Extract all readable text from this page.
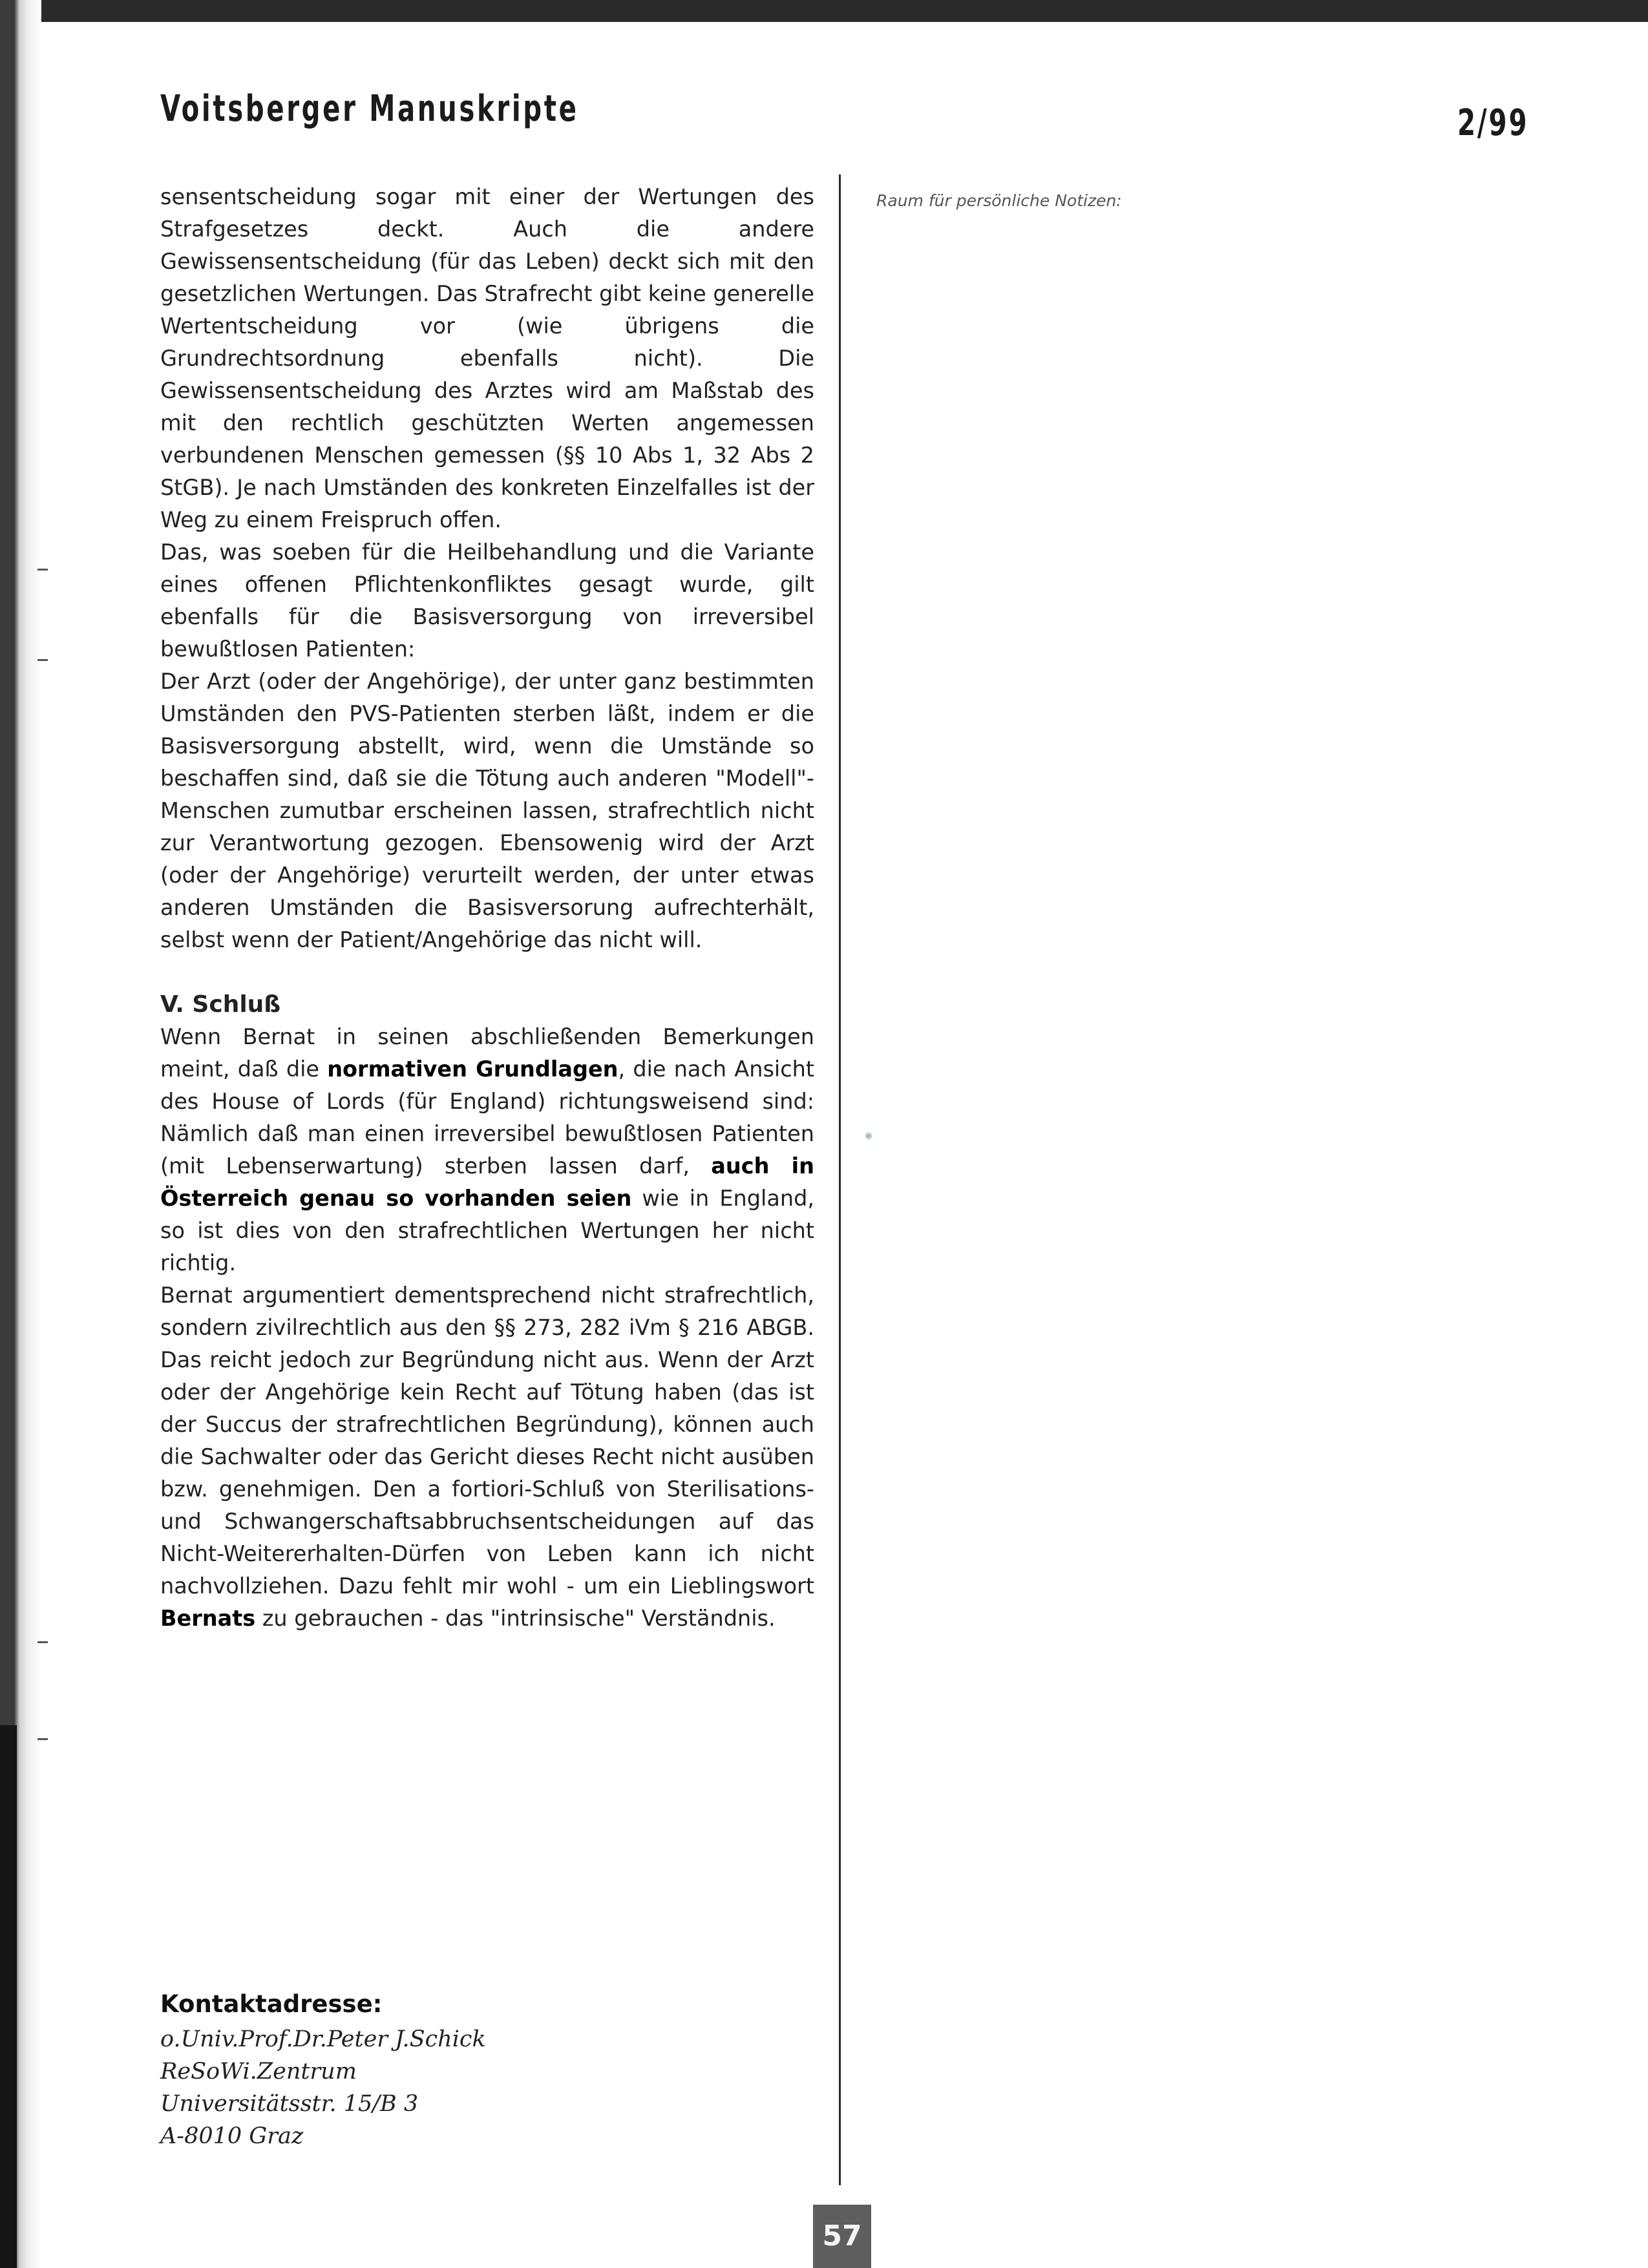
Voitsberger Manuskripte	2/99

sensentscheidung sogar mit einer der Wertungen des Strafgesetzes deckt. Auch die andere Gewissensentscheidung (für das Leben) deckt sich mit den gesetzlichen Wertungen. Das Strafrecht gibt keine generelle Wertentscheidung vor (wie übrigens die Grundrechtsordnung ebenfalls nicht). Die Gewissensentscheidung des Arztes wird am Maßstab des mit den rechtlich geschützten Werten angemessen verbundenen Menschen gemessen (§§ 10 Abs 1, 32 Abs 2 StGB). Je nach Umständen des konkreten Einzelfalles ist der Weg zu einem Freispruch offen.

Das, was soeben für die Heilbehandlung und die Variante eines offenen Pflichtenkonfliktes gesagt wurde, gilt ebenfalls für die Basisversorgung von irreversibel bewußtlosen Patienten:

Der Arzt (oder der Angehörige), der unter ganz bestimmten Umständen den PVS-Patienten sterben läßt, indem er die Basisversorgung abstellt, wird, wenn die Umstände so beschaffen sind, daß sie die Tötung auch anderen "Modell"-Menschen zumutbar erscheinen lassen, strafrechtlich nicht zur Verantwortung gezogen. Ebensowenig wird der Arzt (oder der Angehörige) verurteilt werden, der unter etwas anderen Umständen die Basisversorung aufrechterhält, selbst wenn der Patient/Angehörige das nicht will.

V. Schluß

Wenn Bernat in seinen abschließenden Bemerkungen meint, daß die normativen Grundlagen, die nach Ansicht des House of Lords (für England) richtungsweisend sind: Nämlich daß man einen irreversibel bewußtlosen Patienten (mit Lebenserwartung) sterben lassen darf, auch in Österreich genau so vorhanden seien wie in England, so ist dies von den strafrechtlichen Wertungen her nicht richtig.

Bernat argumentiert dementsprechend nicht strafrechtlich, sondern zivilrechtlich aus den §§ 273, 282 iVm § 216 ABGB. Das reicht jedoch zur Begründung nicht aus. Wenn der Arzt oder der Angehörige kein Recht auf Tötung haben (das ist der Succus der strafrechtlichen Begründung), können auch die Sachwalter oder das Gericht dieses Recht nicht ausüben bzw. genehmigen. Den a fortiori-Schluß von Sterilisations- und Schwangerschaftsabbruchsentscheidungen auf das Nicht-Weitererhalten-Dürfen von Leben kann ich nicht nachvollziehen. Dazu fehlt mir wohl - um ein Lieblingswort Bernats zu gebrauchen - das "intrinsische" Verständnis.

Raum für persönliche Notizen:
Kontaktadresse:
o.Univ.Prof.Dr.Peter J.Schick
ReSoWi.Zentrum
Universitätsstr. 15/B 3
A-8010 Graz
57
